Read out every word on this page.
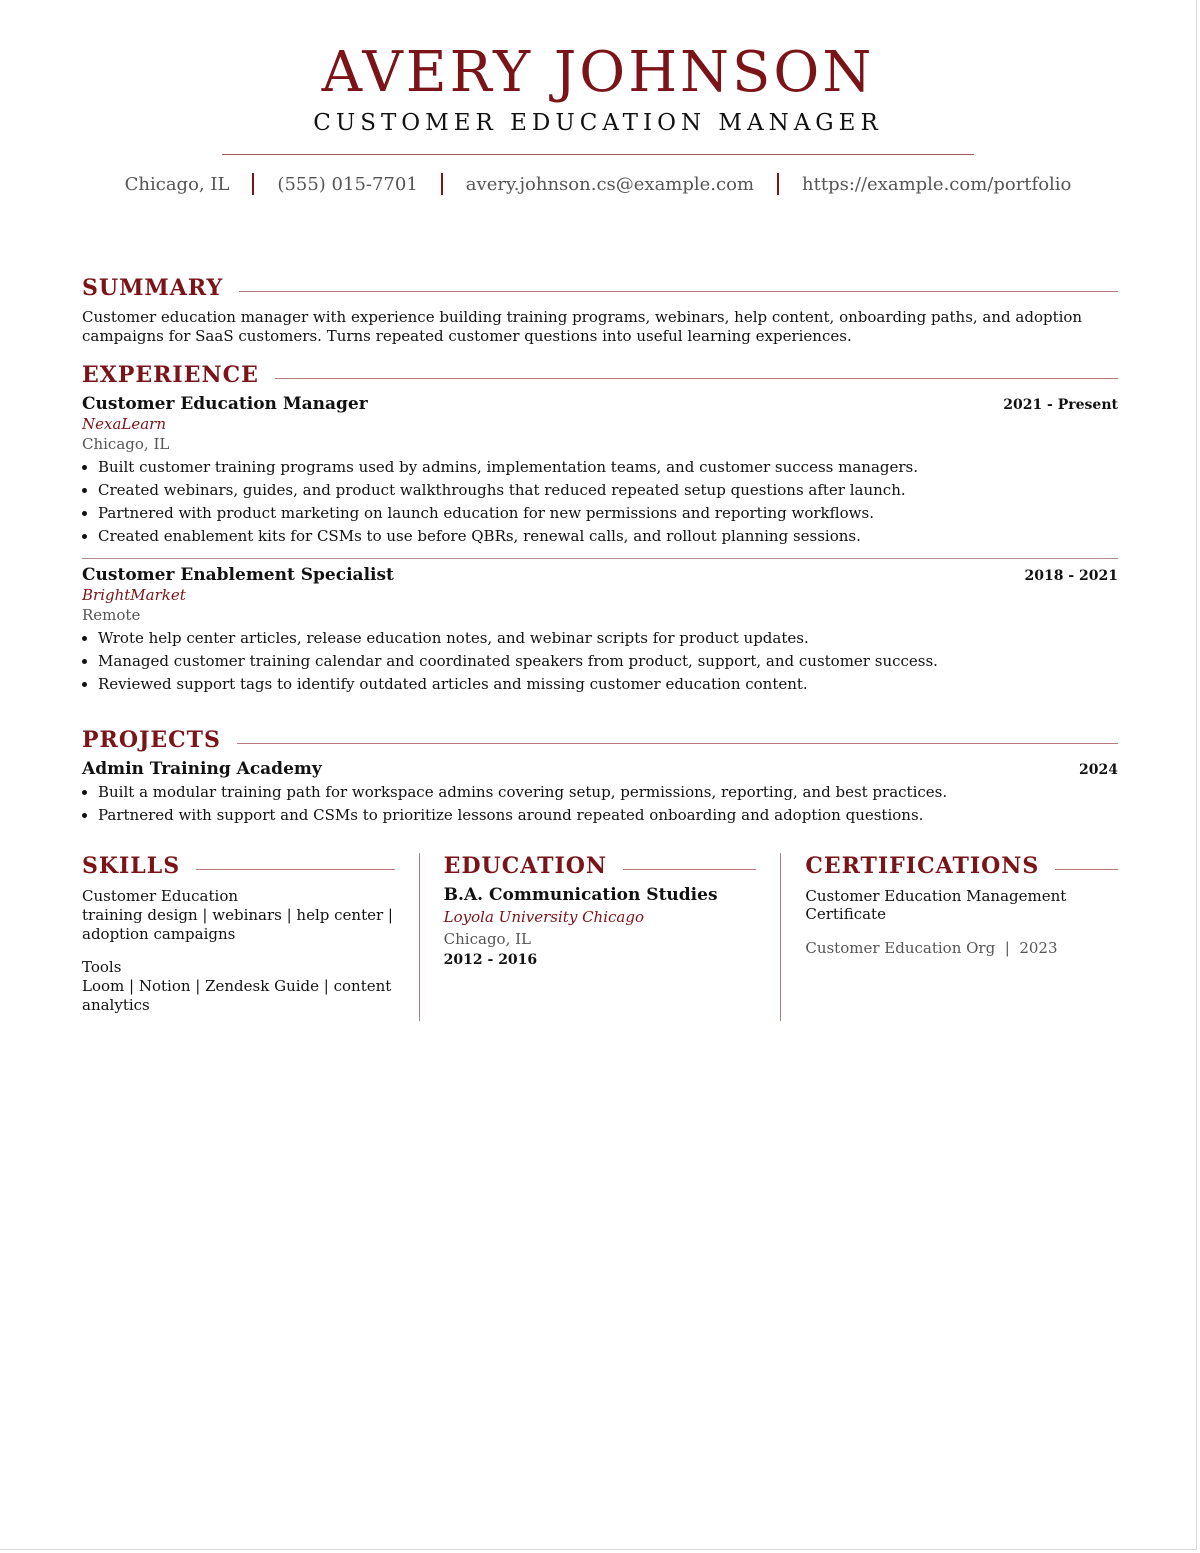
AVERY JOHNSON
CUSTOMER EDUCATION MANAGER
Chicago, IL	(555) 015-7701	avery.johnson.cs@example.com	https://example.com/portfolio
SUMMARY
Customer education manager with experience building training programs, webinars, help content, onboarding paths, and adoption campaigns for SaaS customers. Turns repeated customer questions into useful learning experiences.
EXPERIENCE
Customer Education Manager	2021 - Present
NexaLearn
Chicago, IL
• Built customer training programs used by admins, implementation teams, and customer success managers.
• Created webinars, guides, and product walkthroughs that reduced repeated setup questions after launch.
• Partnered with product marketing on launch education for new permissions and reporting workflows.
• Created enablement kits for CSMs to use before QBRs, renewal calls, and rollout planning sessions.
Customer Enablement Specialist	2018 - 2021
BrightMarket
Remote
• Wrote help center articles, release education notes, and webinar scripts for product updates.
• Managed customer training calendar and coordinated speakers from product, support, and customer success.
• Reviewed support tags to identify outdated articles and missing customer education content.
PROJECTS
Admin Training Academy	2024
• Built a modular training path for workspace admins covering setup, permissions, reporting, and best practices.
• Partnered with support and CSMs to prioritize lessons around repeated onboarding and adoption questions.
SKILLS
Customer Education
training design | webinars | help center | adoption campaigns
Tools
Loom | Notion | Zendesk Guide | content analytics
EDUCATION
B.A. Communication Studies
Loyola University Chicago
Chicago, IL
2012 - 2016
CERTIFICATIONS
Customer Education Management Certificate
Customer Education Org  |  2023
